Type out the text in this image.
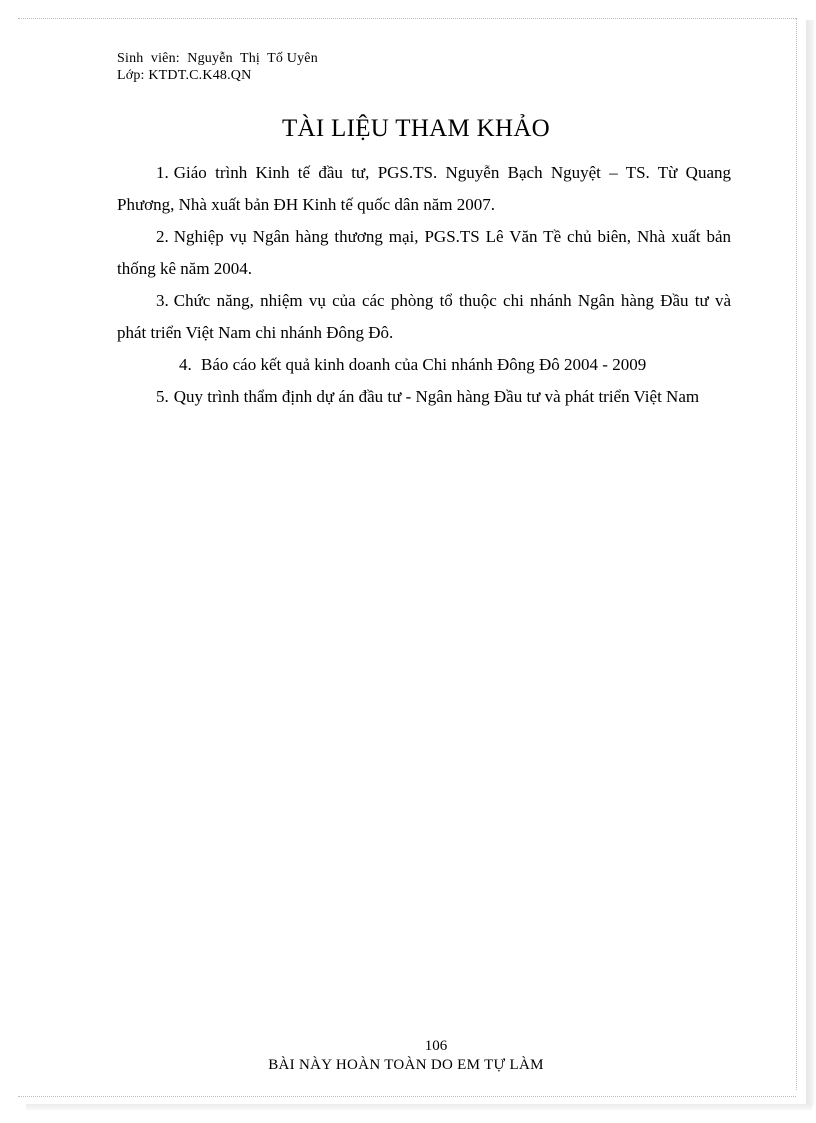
Sinh  viên: Nguyễn  Thị  Tố Uyên
Lớp: KTDT.C.K48.QN
TÀI LIỆU THAM KHẢO

1. Giáo trình Kinh tế đầu tư, PGS.TS. Nguyễn Bạch Nguyệt – TS. Từ Quang Phương, Nhà xuất bản ĐH Kinh tế quốc dân năm 2007.

2. Nghiệp vụ Ngân hàng thương mại, PGS.TS Lê Văn Tề chủ biên, Nhà xuất bản thống kê năm 2004.

3. Chức năng, nhiệm vụ của các phòng tổ thuộc chi nhánh Ngân hàng Đầu tư và phát triển Việt Nam chi nhánh Đông Đô.

4. Báo cáo kết quả kinh doanh của Chi nhánh Đông Đô 2004 - 2009

5. Quy trình thẩm định dự án đầu tư - Ngân hàng Đầu tư và phát triển Việt Nam

106
BÀI NÀY HOÀN TOÀN DO EM TỰ LÀM
